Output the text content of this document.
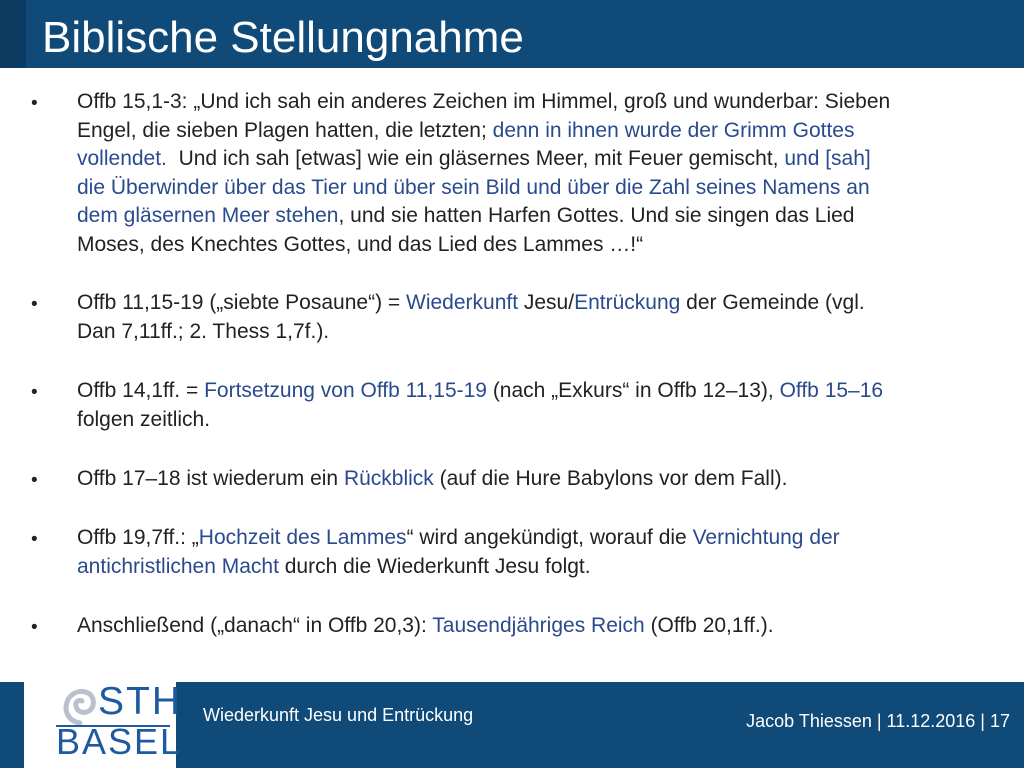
Biblische Stellungnahme
• Offb 15,1-3: „Und ich sah ein anderes Zeichen im Himmel, groß und wunderbar: Sieben
Engel, die sieben Plagen hatten, die letzten; denn in ihnen wurde der Grimm Gottes
vollendet.  Und ich sah [etwas] wie ein gläsernes Meer, mit Feuer gemischt, und [sah]
die Überwinder über das Tier und über sein Bild und über die Zahl seines Namens an
dem gläsernen Meer stehen, und sie hatten Harfen Gottes. Und sie singen das Lied
Moses, des Knechtes Gottes, und das Lied des Lammes …!“
• Offb 11,15-19 („siebte Posaune“) = Wiederkunft Jesu/Entrückung der Gemeinde (vgl.
Dan 7,11ff.; 2. Thess 1,7f.).
• Offb 14,1ff. = Fortsetzung von Offb 11,15-19 (nach „Exkurs“ in Offb 12–13), Offb 15–16
folgen zeitlich.
• Offb 17–18 ist wiederum ein Rückblick (auf die Hure Babylons vor dem Fall).
• Offb 19,7ff.: „Hochzeit des Lammes“ wird angekündigt, worauf die Vernichtung der
antichristlichen Macht durch die Wiederkunft Jesu folgt.
• Anschließend („danach“ in Offb 20,3): Tausendjähriges Reich (Offb 20,1ff.).
STH
BASEL
Wiederkunft Jesu und Entrückung	Jacob Thiessen | 11.12.2016 | 17
